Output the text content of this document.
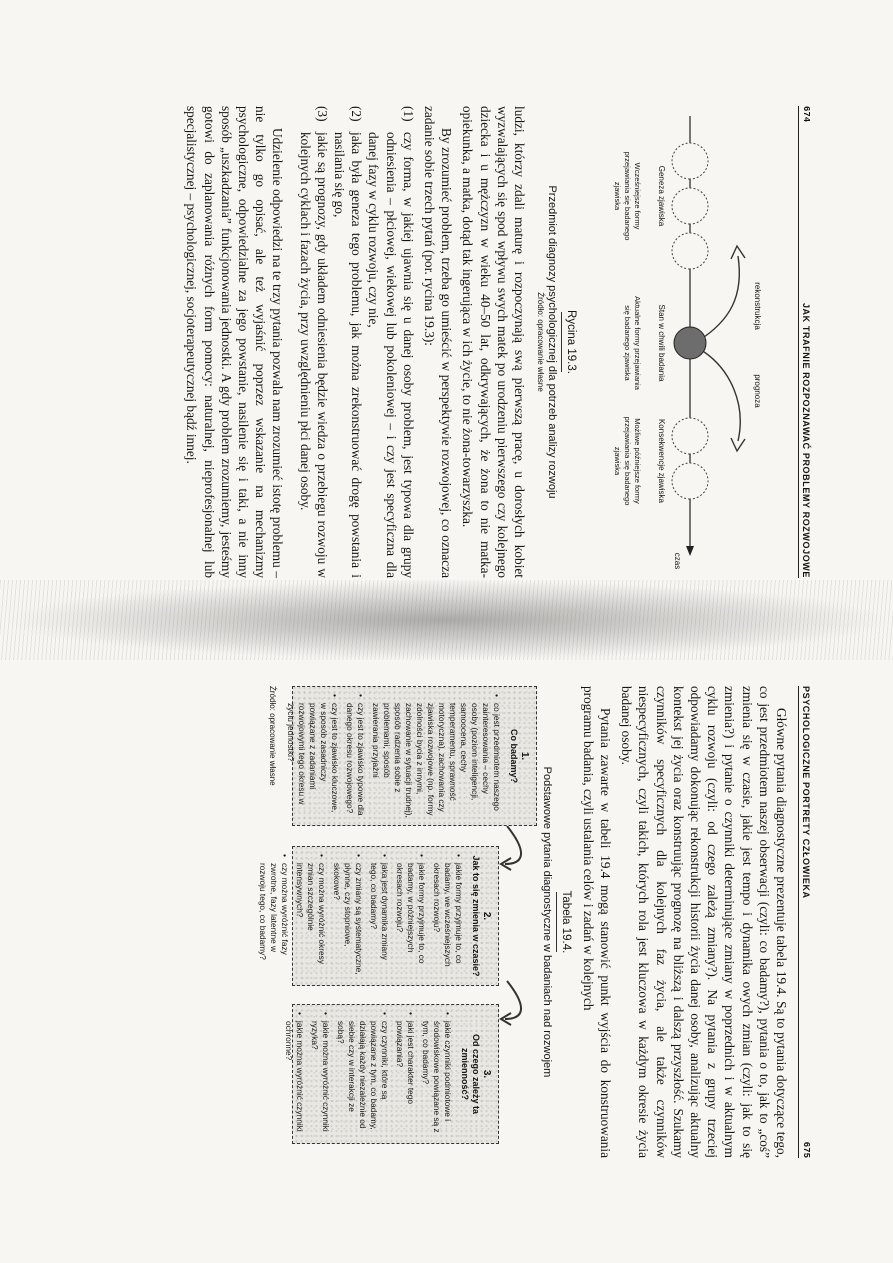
674
JAK TRAFNIE ROZPOZNAWAĆ PROBLEMY ROZWOJOWE
rekonstrukcja
prognoza
czas
Geneza zjawiska
Wcześniejsze formy przejawiania się badanego zjawiska
Stan w chwili badania
Aktualne formy przejawiania się badanego zjawiska
Konsekwencje zjawiska
Możliwe późniejsze formy przejawiania się badanego zjawiska
Rycina 19.3.
Przedmiot diagnozy psychologicznej dla potrzeb analizy rozwoju
Źródło: opracowanie własne

ludzi, którzy zdali maturę i rozpoczynają swą pierwszą pracę, u dorosłych kobiet wyzwalających się spod wpływu swych matek po urodzeniu pierwszego czy kolejnego dziecka i u mężczyzn w wieku 40–50 lat, odkrywających, że żona to nie matka-opiekunka, a matka, dotąd tak ingerująca w ich życie, to nie żona-towarzyszka.

By zrozumieć problem, trzeba go umieścić w perspektywie rozwojowej, co oznacza zadanie sobie trzech pytań (por. rycina 19.3):

(1)
czy forma, w jakiej ujawnia się u danej osoby problem, jest typowa dla grupy odniesienia – płciowej, wiekowej lub pokoleniowej – i czy jest specyficzna dla danej fazy w cyklu rozwoju, czy nie,
(2)
jaka była geneza tego problemu, jak można zrekonstruować drogę powstania i nasilania się go,
(3)
jakie są prognozy, gdy układem odniesienia będzie wiedza o przebiegu rozwoju w kolejnych cyklach i fazach życia, przy uwzględnieniu płci danej osoby.

Udzielenie odpowiedzi na te trzy pytania pozwala nam zrozumieć istotę problemu – nie tylko go opisać, ale też wyjaśnić poprzez wskazanie na mechanizmy psychologiczne, odpowiedzialne za jego powstanie, nasilenie się i taki, a nie inny sposób „uszkadzania” funkcjonowania jednostki. A gdy problem zrozumiemy, jesteśmy gotowi do zaplanowania różnych form pomocy: naturalnej, nieprofesjonalnej lub specjalistycznej – psychologicznej, socjoterapeutycznej bądź innej.

PSYCHOLOGICZNE PORTRETY CZŁOWIEKA
675

Główne pytania diagnostyczne prezentuje tabela 19.4. Są to pytania dotyczące tego, co jest przedmiotem naszej obserwacji (czyli: co badamy?), pytania o to, jak to „coś” zmienia się w czasie, jakie jest tempo i dynamika owych zmian (czyli: jak to się zmienia?) i pytanie o czynniki determinujące zmiany w poprzednich i w aktualnym cyklu rozwoju (czyli: od czego zależą zmiany?). Na pytania z grupy trzeciej odpowiadamy dokonując rekonstrukcji historii życia danej osoby, analizując aktualny kontekst jej życia oraz konstruując prognozę na bliższą i dalszą przyszłość. Szukamy czynników specyficznych dla kolejnych faz życia, ale także czynników niespecyficznych, czyli takich, których rola jest kluczowa w każdym okresie życia badanej osoby.

Pytania zawarte w tabeli 19.4 mogą stanowić punkt wyjścia do konstruowania programu badania, czyli ustalania celów i zadań w kolejnych

Tabela 19.4.
Podstawowe pytania diagnostyczne w badaniach nad rozwojem
1.
Co badamy?
• co jest przedmiotem naszego zainteresowania – cechy osoby (poziom inteligencji, samoocena, cechy temperamentu, sprawność motoryczna), zachowania czy zjawiska rozwojowe (np. formy zdolności bycia z innymi, zachowanie w sytuacji trudnej), sposób radzenia sobie z problemami, sposób zawierania przyjaźni
• czy jest to zjawisko typowe dla danego okresu rozwojowego?
• czy jest to zjawisko kluczowe, w sposób zasadniczy powiązane z zadaniami rozwojowymi tego okresu w życiu jednostki?
2.
Jak to się zmienia w czasie?
• jakie formy przyjmuje to, co badamy, we wcześniejszych okresach rozwoju?
• jakie formy przyjmuje to, co badamy, w późniejszych okresach rozwoju?
• jaka jest dynamika zmiany tego, co badamy?
• czy zmiany są systematyczne, płynne, czy stopniowe, skokowe?
• czy można wyróżnić okresy zmian szczególnie intensywnych?
• czy można wyróżnić fazy zwrotne, fazy latentne w rozwoju tego, co badamy?
3.
Od czego zależy ta zmienność?
• jakie czynniki podmiotowe i środowiskowe powiązane są z tym, co badamy?
• jaki jest charakter tego powiązania?
• czy czynniki, które są powiązane z tym, co badamy, działają każdy niezależnie od siebie czy w interakcji ze sobą?
• jakie można wyróżnić czynniki ryzyka?
• jakie można wyróżnić czynniki ochronne?
Źródło: opracowanie własne
